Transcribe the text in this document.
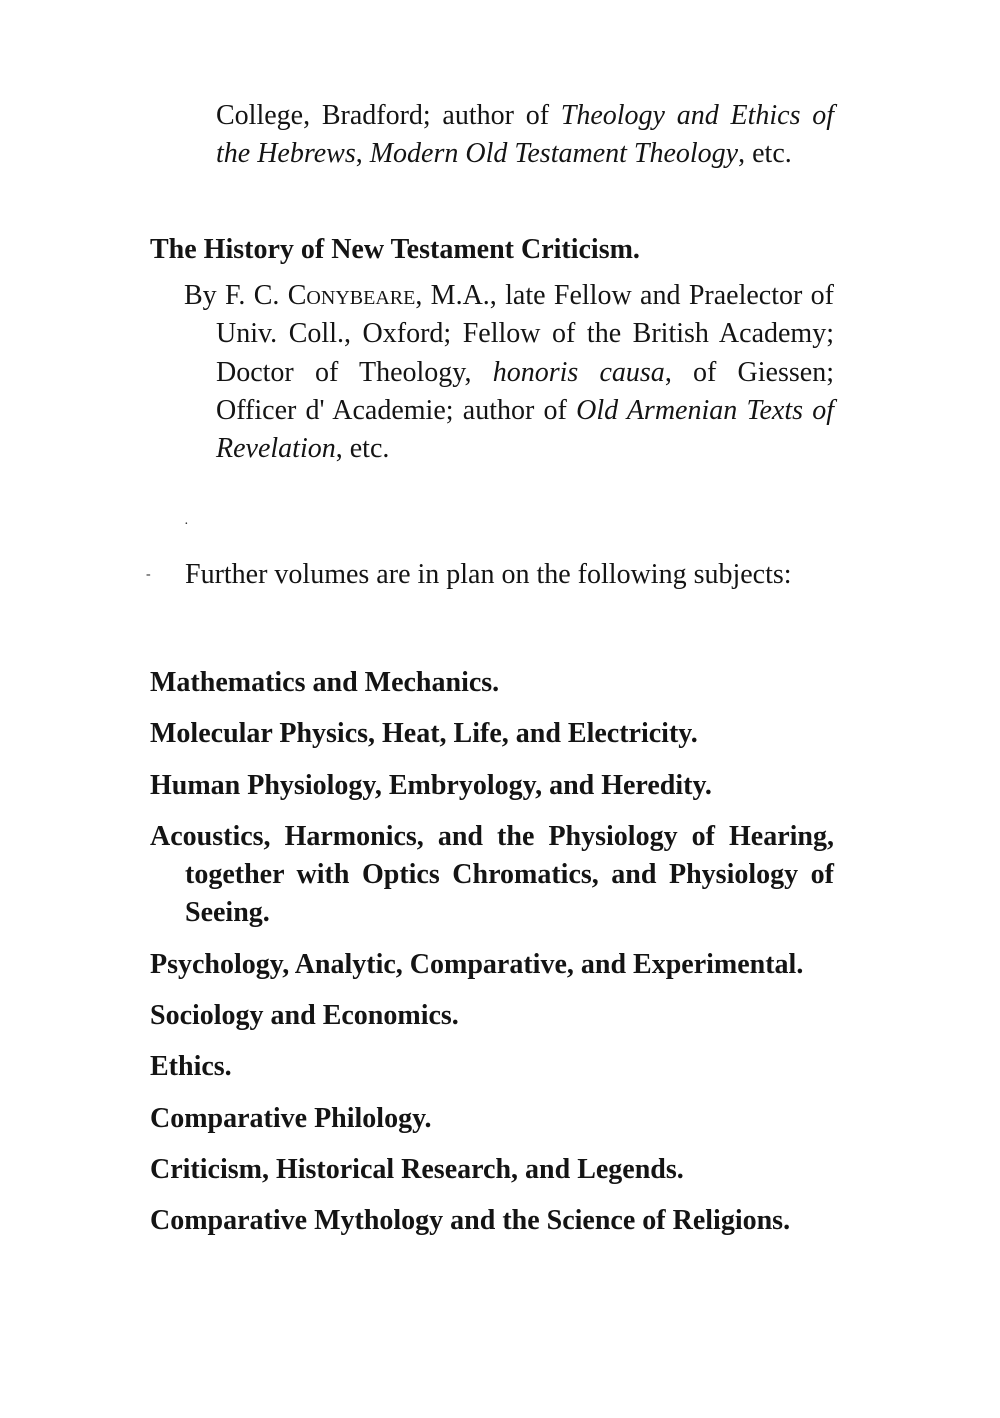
College, Bradford; author of Theology and Ethics of the Hebrews, Modern Old Testament Theology, etc.

The History of New Testament Criticism.

By F. C. Conybeare, M.A., late Fellow and Praelector of Univ. Coll., Oxford; Fellow of the British Academy; Doctor of Theology, honoris causa, of Giessen; Officer d' Academie; author of Old Armenian Texts of Revelation, etc.

·
-	Further volumes are in plan on the following subjects:

Mathematics and Mechanics.
Molecular Physics, Heat, Life, and Electricity.
Human Physiology, Embryology, and Heredity.
Acoustics, Harmonics, and the Physiology of Hearing, together with Optics Chromatics, and Physiology of Seeing.
Psychology, Analytic, Comparative, and Experimental.
Sociology and Economics.
Ethics.
Comparative Philology.
Criticism, Historical Research, and Legends.
Comparative Mythology and the Science of Religions.
